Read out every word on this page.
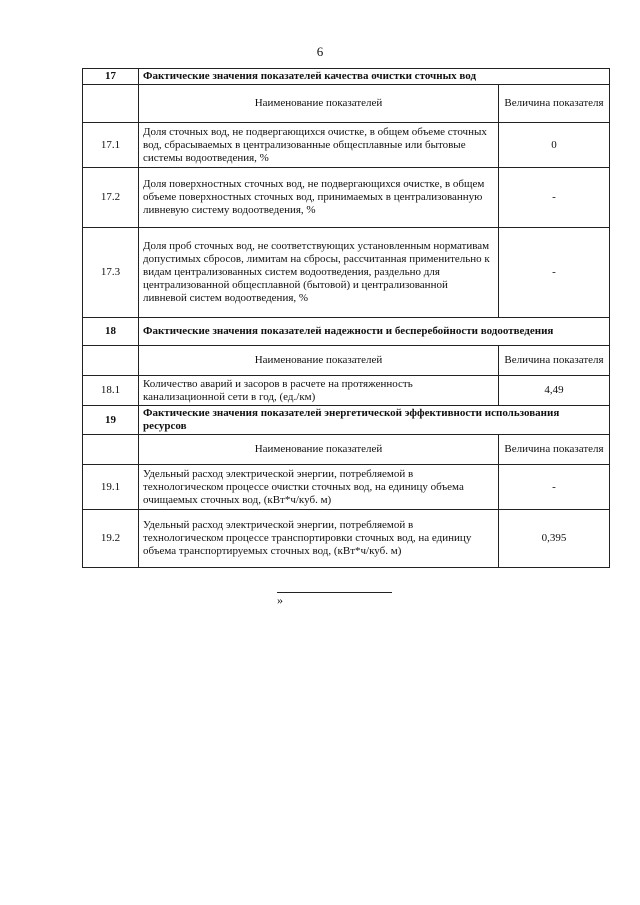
6
17	Фактические значения показателей качества очистки сточных вод	
	Наименование показателей	Величина показателя
17.1	Доля сточных вод, не подвергающихся очистке, в общем объеме сточных вод, сбрасываемых в централизованные общесплавные или бытовые системы водоотведения, %	0
17.2	Доля поверхностных сточных вод, не подвергающихся очистке, в общем объеме поверхностных сточных вод, принимаемых в централизованную ливневую систему водоотведения, %	-
17.3	Доля проб сточных вод, не соответствующих установленным нормативам допустимых сбросов, лимитам на сбросы, рассчитанная применительно к видам централизованных систем водоотведения, раздельно для централизованной общесплавной (бытовой) и централизованной ливневой систем водоотведения, %	-
18	Фактические значения показателей надежности и бесперебойности водоотведения	
	Наименование показателей	Величина показателя
18.1	Количество аварий и засоров в расчете на протяженность канализационной сети в год, (ед./км)	4,49
19	Фактические значения показателей энергетической эффективности использования ресурсов	
	Наименование показателей	Величина показателя
19.1	Удельный расход электрической энергии, потребляемой в технологическом процессе очистки сточных вод, на единицу объема очищаемых сточных вод, (кВт*ч/куб. м)	-
19.2	Удельный расход электрической энергии, потребляемой в технологическом процессе транспортировки сточных вод, на единицу объема транспортируемых сточных вод, (кВт*ч/куб. м)	0,395
»
